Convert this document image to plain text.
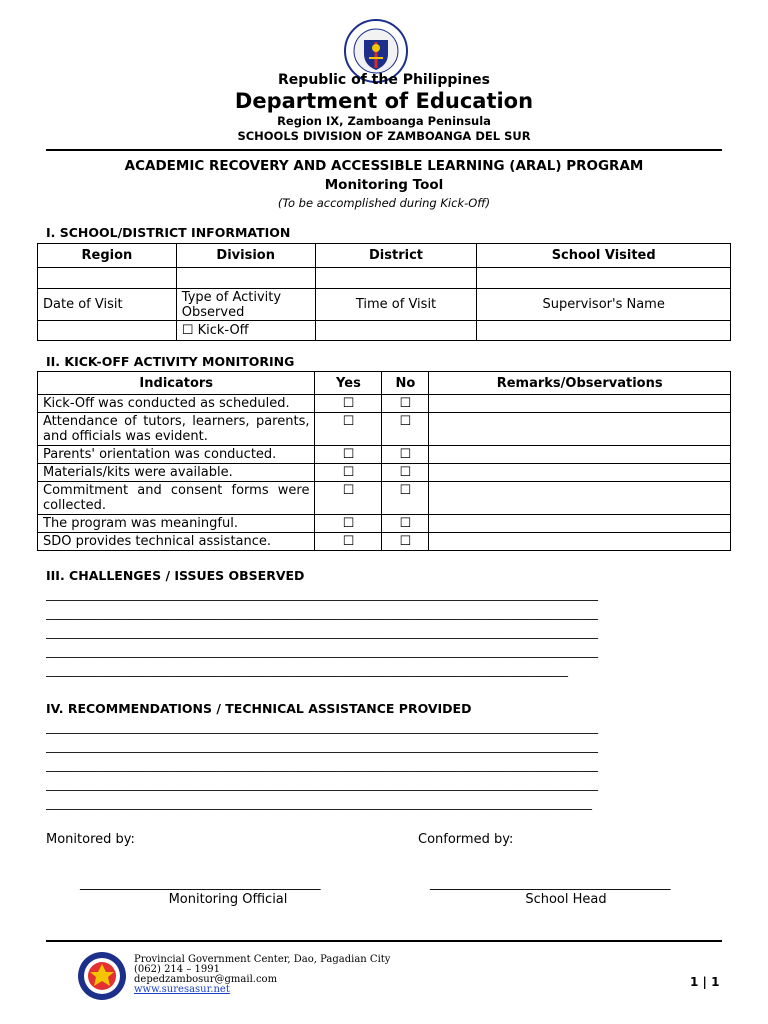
Republic of the Philippines
Department of Education
Region IX, Zamboanga Peninsula
SCHOOLS DIVISION OF ZAMBOANGA DEL SUR
ACADEMIC RECOVERY AND ACCESSIBLE LEARNING (ARAL) PROGRAM
Monitoring Tool
(To be accomplished during Kick-Off)
I. SCHOOL/DISTRICT INFORMATION
Region	Division	District	School Visited

Date of Visit	Type of Activity Observed	Time of Visit	Supervisor's Name
	☐ Kick-Off		
II. KICK-OFF ACTIVITY MONITORING
Indicators	Yes	No	Remarks/Observations
Kick-Off was conducted as scheduled.	☐	☐	
Attendance of tutors, learners, parents, and officials was evident.	☐	☐	
Parents' orientation was conducted.	☐	☐	
Materials/kits were available.	☐	☐	
Commitment and consent forms were collected.	☐	☐	
The program was meaningful.	☐	☐	
SDO provides technical assistance.	☐	☐	
III. CHALLENGES / ISSUES OBSERVED
____________________________________________________________________________________________
____________________________________________________________________________________________
____________________________________________________________________________________________
____________________________________________________________________________________________
_______________________________________________________________________________________
IV. RECOMMENDATIONS / TECHNICAL ASSISTANCE PROVIDED
____________________________________________________________________________________________
____________________________________________________________________________________________
____________________________________________________________________________________________
____________________________________________________________________________________________
___________________________________________________________________________________________
Monitored by:	Conformed by:
_____________________________________	_____________________________________
Monitoring Official	School Head
Provincial Government Center, Dao, Pagadian City
(062) 214 – 1991
depedzambosur@gmail.com
www.suresasur.net
1 | 1
